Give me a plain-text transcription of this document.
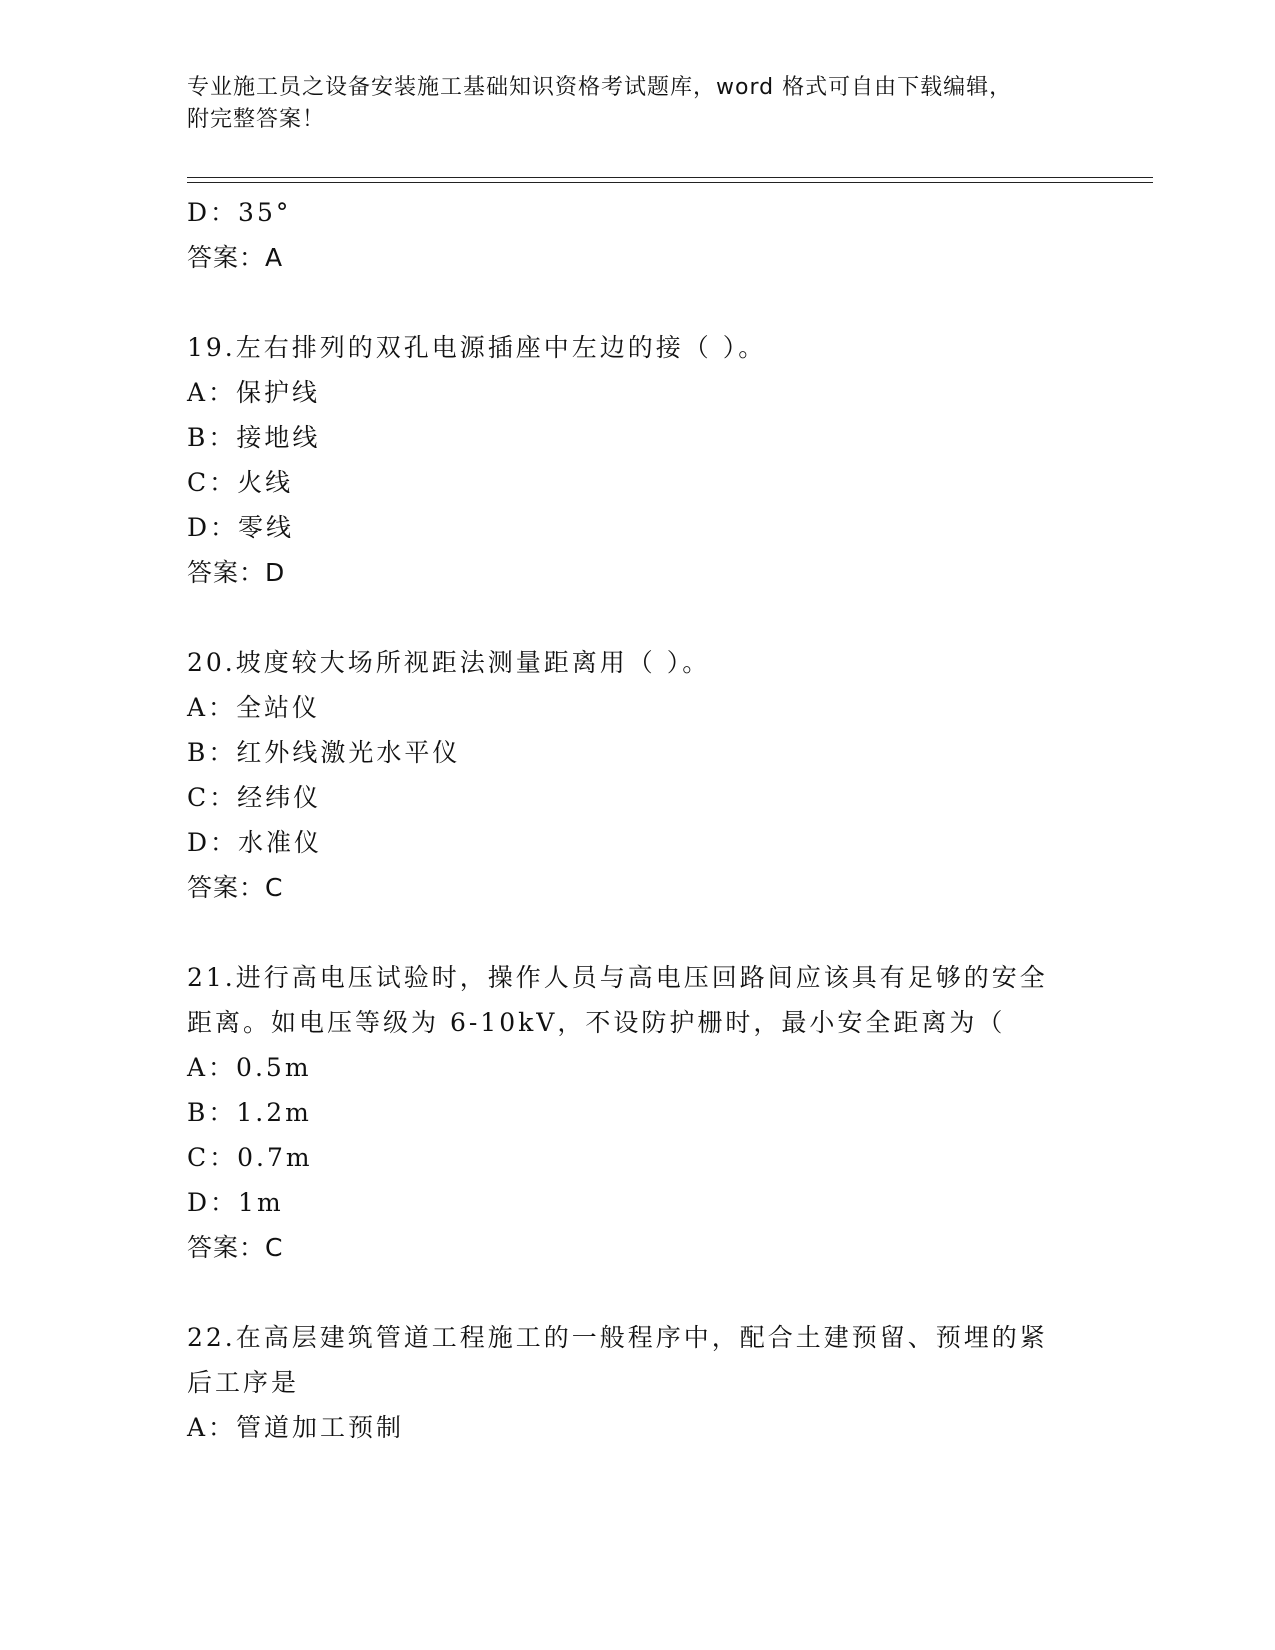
专业施工员之设备安装施工基础知识资格考试题库，word 格式可自由下载编辑，
附完整答案！
D：35°
答案：A
19.左右排列的双孔电源插座中左边的接（ ）。
A：保护线
B：接地线
C：火线
D：零线
答案：D
20.坡度较大场所视距法测量距离用（ ）。
A：全站仪
B：红外线激光水平仪
C：经纬仪
D：水准仪
答案：C
21.进行高电压试验时，操作人员与高电压回路间应该具有足够的安全
距离。如电压等级为 6-10kV，不设防护栅时，最小安全距离为（
A：0.5m
B：1.2m
C：0.7m
D：1m
答案：C
22.在高层建筑管道工程施工的一般程序中，配合土建预留、预埋的紧
后工序是
A：管道加工预制
